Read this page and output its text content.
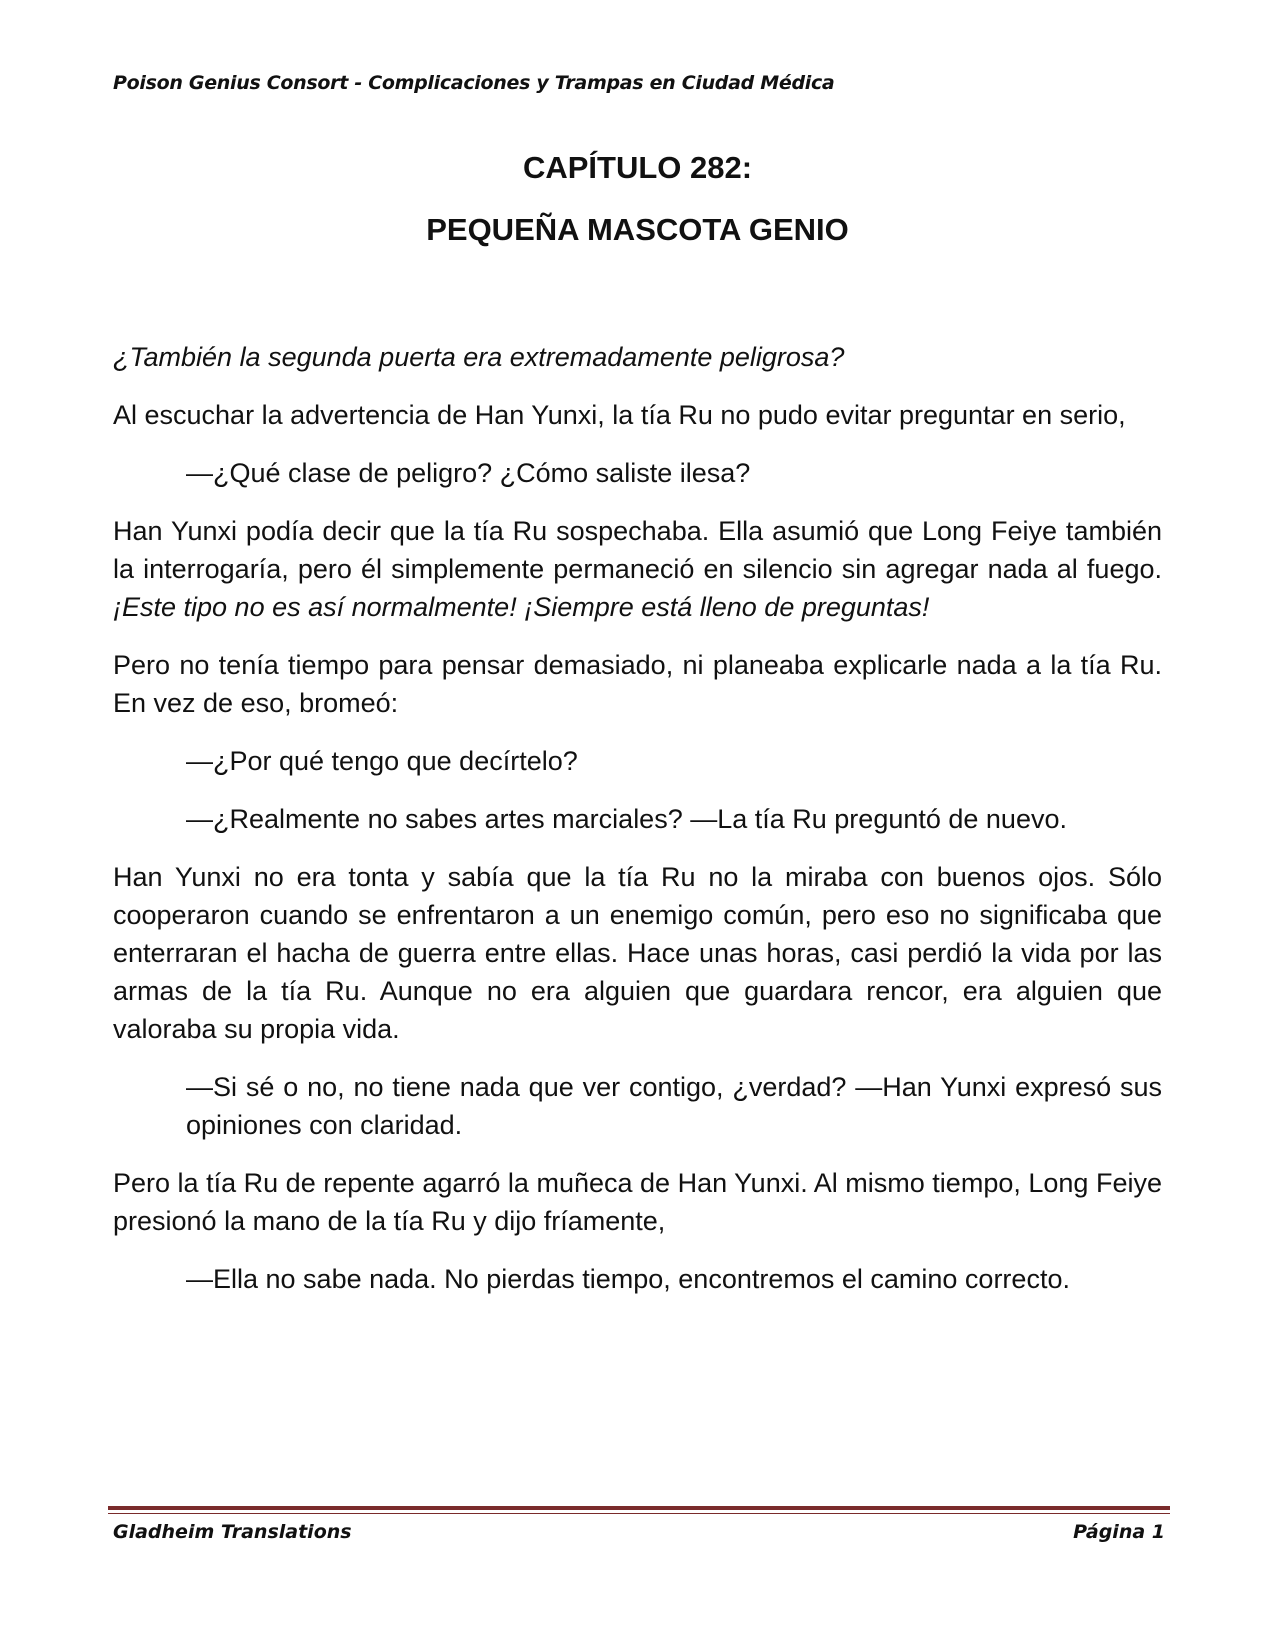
Poison Genius Consort - Complicaciones y Trampas en Ciudad Médica
CAPÍTULO 282:
PEQUEÑA MASCOTA GENIO

¿También la segunda puerta era extremadamente peligrosa?

Al escuchar la advertencia de Han Yunxi, la tía Ru no pudo evitar preguntar en serio,

—¿Qué clase de peligro? ¿Cómo saliste ilesa?

Han Yunxi podía decir que la tía Ru sospechaba. Ella asumió que Long Feiye también la interrogaría, pero él simplemente permaneció en silencio sin agregar nada al fuego. ¡Este tipo no es así normalmente! ¡Siempre está lleno de preguntas!

Pero no tenía tiempo para pensar demasiado, ni planeaba explicarle nada a la tía Ru. En vez de eso, bromeó:

—¿Por qué tengo que decírtelo?

—¿Realmente no sabes artes marciales? —La tía Ru preguntó de nuevo.

Han Yunxi no era tonta y sabía que la tía Ru no la miraba con buenos ojos. Sólo cooperaron cuando se enfrentaron a un enemigo común, pero eso no significaba que enterraran el hacha de guerra entre ellas. Hace unas horas, casi perdió la vida por las armas de la tía Ru. Aunque no era alguien que guardara rencor, era alguien que valoraba su propia vida.

—Si sé o no, no tiene nada que ver contigo, ¿verdad? —Han Yunxi expresó sus opiniones con claridad.

Pero la tía Ru de repente agarró la muñeca de Han Yunxi. Al mismo tiempo, Long Feiye presionó la mano de la tía Ru y dijo fríamente,

—Ella no sabe nada. No pierdas tiempo, encontremos el camino correcto.

Gladheim Translations	Página 1
